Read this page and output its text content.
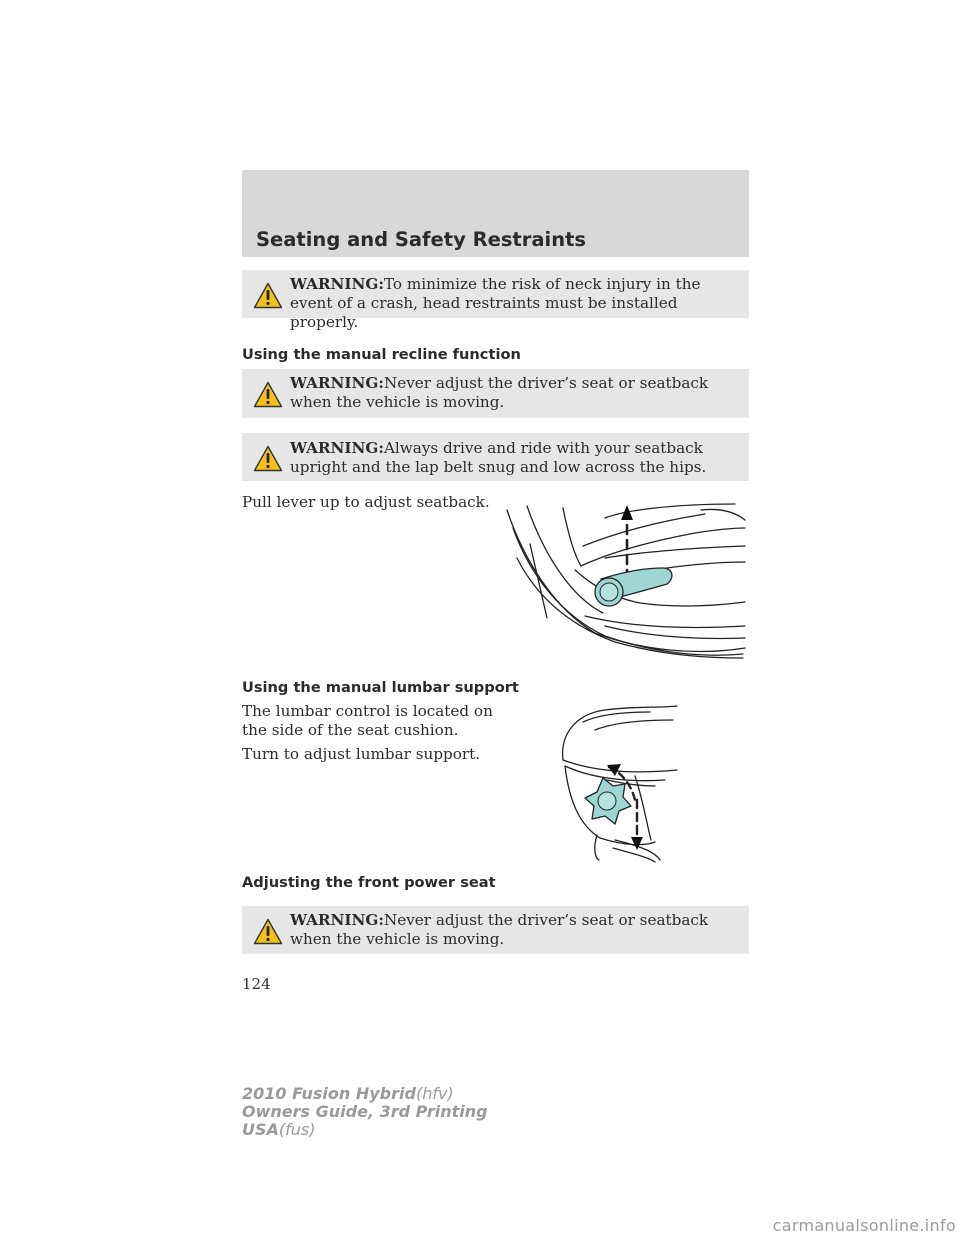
Seating and Safety Restraints
WARNING:To minimize the risk of neck injury in the event of a crash, head restraints must be installed properly.
Using the manual recline function
WARNING:Never adjust the driver’s seat or seatback when the vehicle is moving.
WARNING:Always drive and ride with your seatback upright and the lap belt snug and low across the hips.
Pull lever up to adjust seatback.
Using the manual lumbar support
The lumbar control is located on the side of the seat cushion.
Turn to adjust lumbar support.
Adjusting the front power seat
WARNING:Never adjust the driver’s seat or seatback when the vehicle is moving.
124
2010 Fusion Hybrid(hfv)
Owners Guide, 3rd Printing
USA(fus)
carmanualsonline.info
